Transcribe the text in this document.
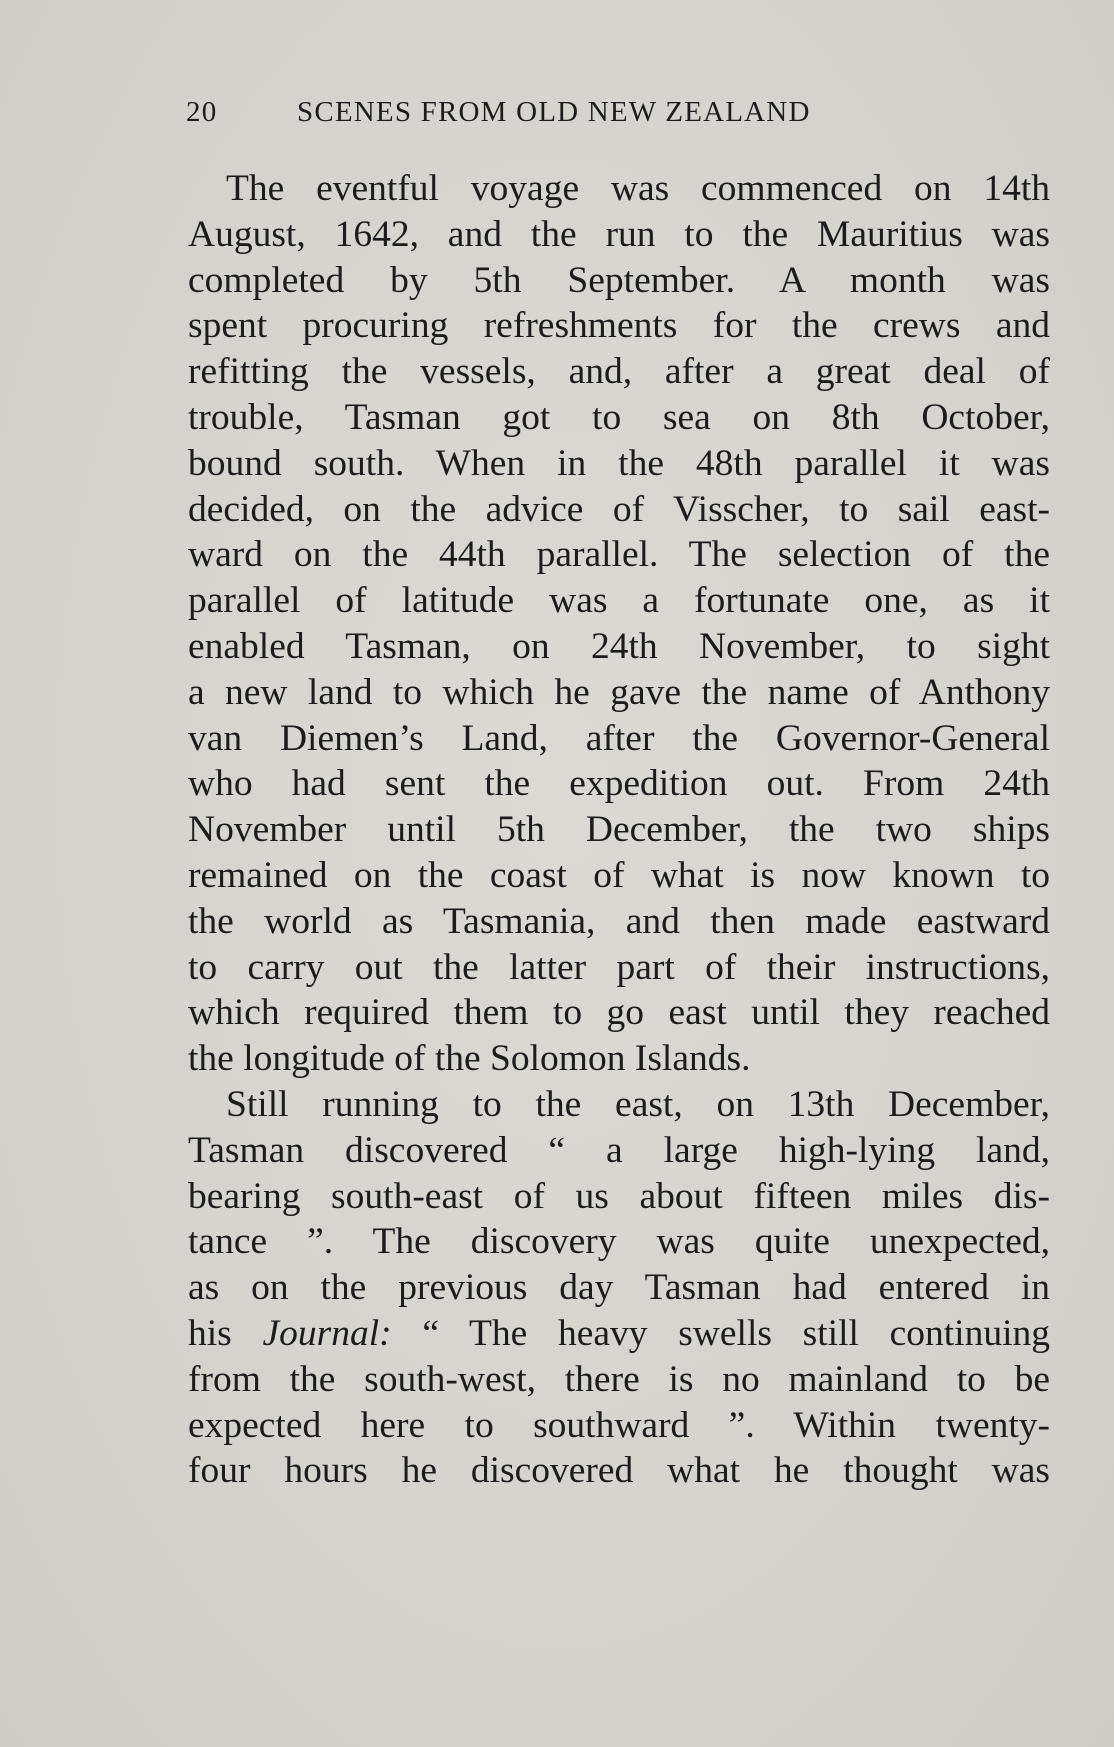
20	SCENES FROM OLD NEW ZEALAND
The eventful voyage was commenced on 14th
August, 1642, and the run to the Mauritius was
completed by 5th September. A month was
spent procuring refreshments for the crews and
refitting the vessels, and, after a great deal of
trouble, Tasman got to sea on 8th October,
bound south. When in the 48th parallel it was
decided, on the advice of Visscher, to sail east-
ward on the 44th parallel. The selection of the
parallel of latitude was a fortunate one, as it
enabled Tasman, on 24th November, to sight
a new land to which he gave the name of Anthony
van Diemen’s Land, after the Governor-General
who had sent the expedition out. From 24th
November until 5th December, the two ships
remained on the coast of what is now known to
the world as Tasmania, and then made eastward
to carry out the latter part of their instructions,
which required them to go east until they reached
the longitude of the Solomon Islands.
Still running to the east, on 13th December,
Tasman discovered “ a large high-lying land,
bearing south-east of us about fifteen miles dis-
tance ”. The discovery was quite unexpected,
as on the previous day Tasman had entered in
his Journal: “ The heavy swells still continuing
from the south-west, there is no mainland to be
expected here to southward ”. Within twenty-
four hours he discovered what he thought was
